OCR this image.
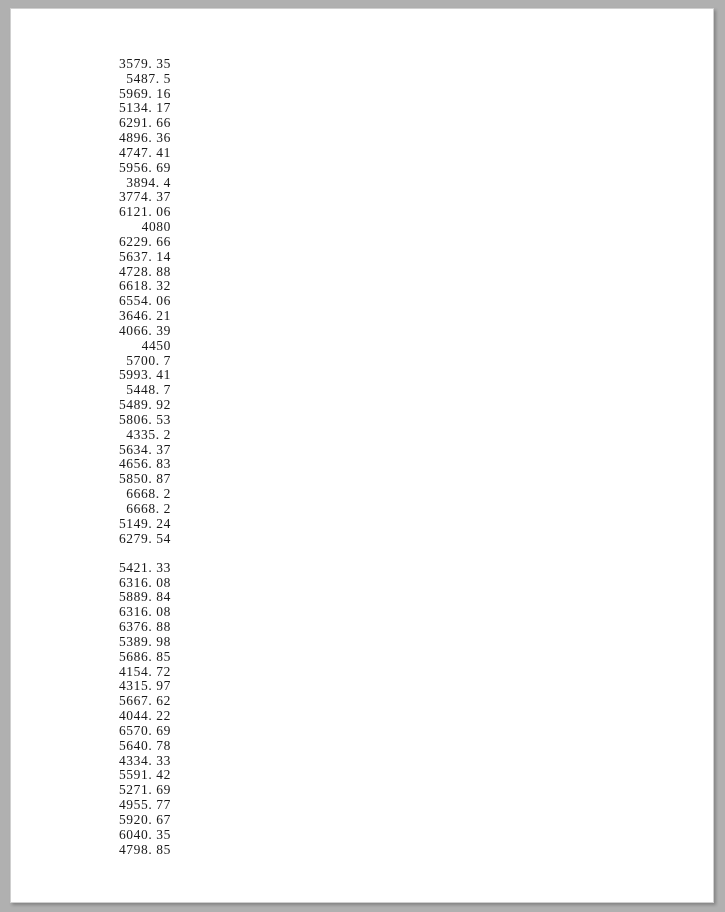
3579. 35
5487. 5
5969. 16
5134. 17
6291. 66
4896. 36
4747. 41
5956. 69
3894. 4
3774. 37
6121. 06
4080
6229. 66
5637. 14
4728. 88
6618. 32
6554. 06
3646. 21
4066. 39
4450
5700. 7
5993. 41
5448. 7
5489. 92
5806. 53
4335. 2
5634. 37
4656. 83
5850. 87
6668. 2
6668. 2
5149. 24
6279. 54
5421. 33
6316. 08
5889. 84
6316. 08
6376. 88
5389. 98
5686. 85
4154. 72
4315. 97
5667. 62
4044. 22
6570. 69
5640. 78
4334. 33
5591. 42
5271. 69
4955. 77
5920. 67
6040. 35
4798. 85
